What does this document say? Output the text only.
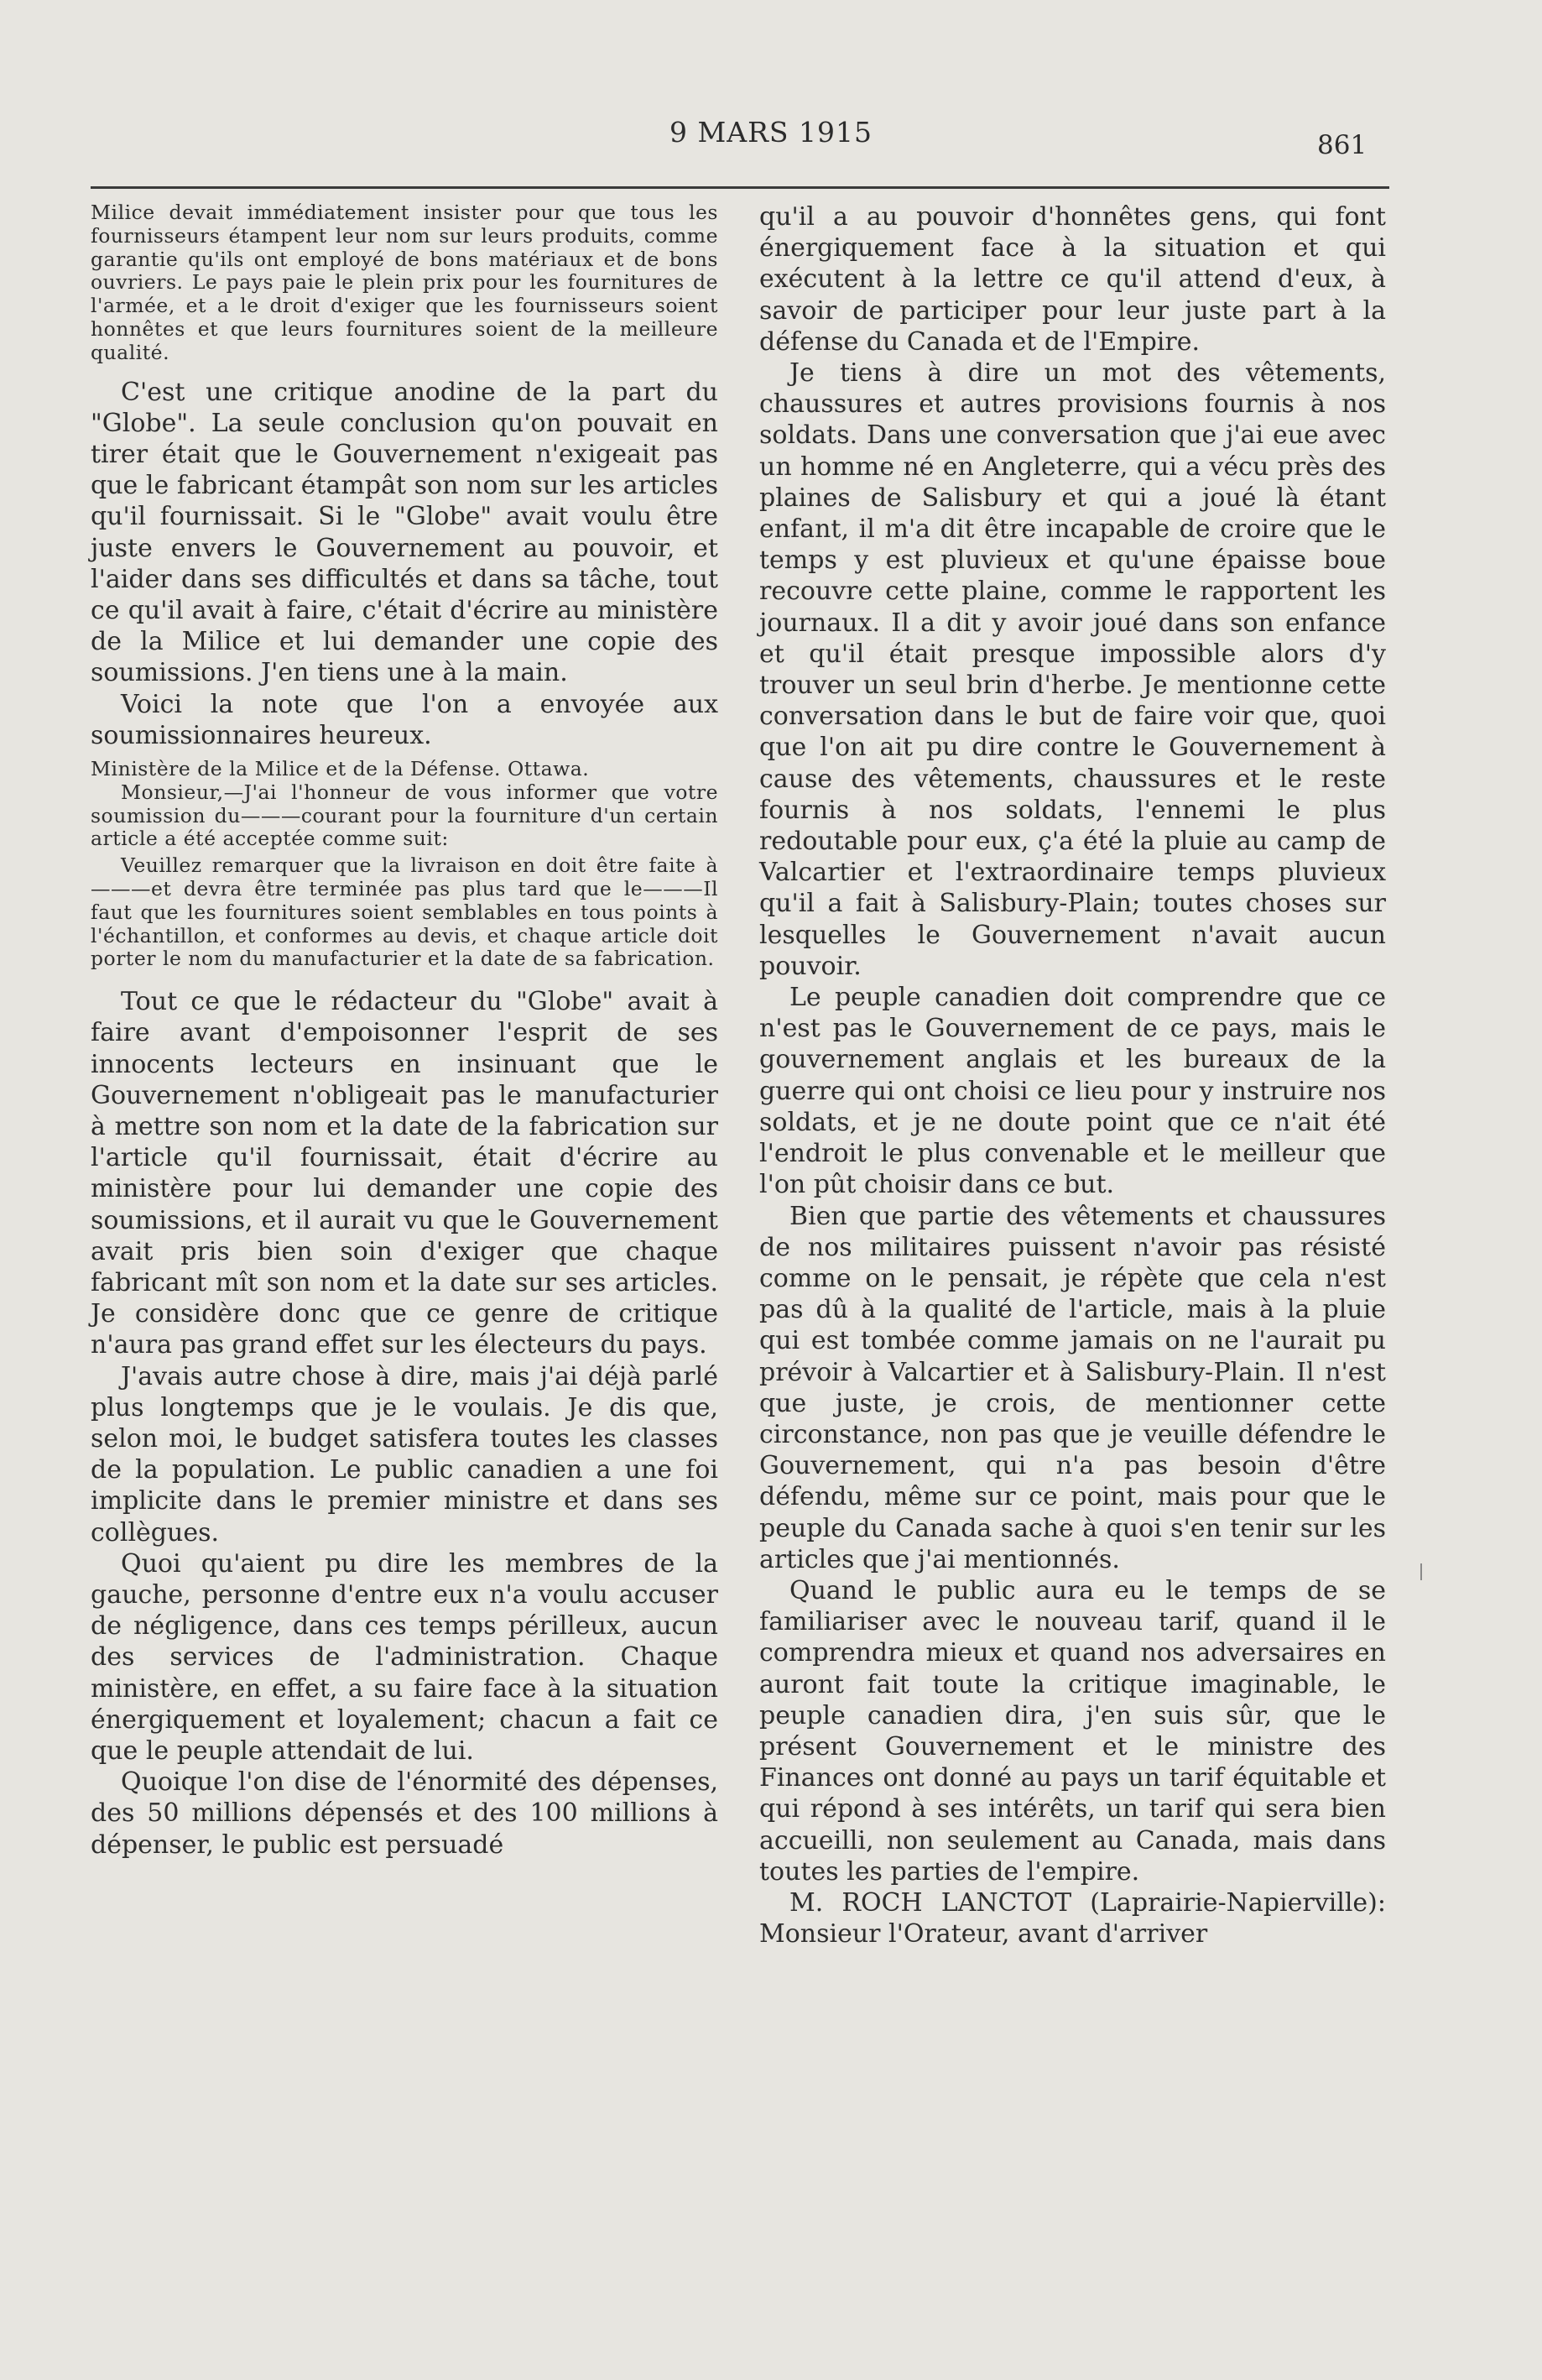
9 MARS 1915	861

Milice devait immédiatement insister pour que tous les fournisseurs étampent leur nom sur leurs produits, comme garantie qu'ils ont employé de bons matériaux et de bons ouvriers. Le pays paie le plein prix pour les fournitures de l'armée, et a le droit d'exiger que les fournisseurs soient honnêtes et que leurs fournitures soient de la meilleure qualité.

C'est une critique anodine de la part du "Globe". La seule conclusion qu'on pouvait en tirer était que le Gouvernement n'exigeait pas que le fabricant étampât son nom sur les articles qu'il fournissait. Si le "Globe" avait voulu être juste envers le Gouvernement au pouvoir, et l'aider dans ses difficultés et dans sa tâche, tout ce qu'il avait à faire, c'était d'écrire au ministère de la Milice et lui demander une copie des soumissions. J'en tiens une à la main.

Voici la note que l'on a envoyée aux soumissionnaires heureux.

Ministère de la Milice et de la Défense. Ottawa.

Monsieur,—J'ai l'honneur de vous informer que votre soumission du———courant pour la fourniture d'un certain article a été acceptée comme suit:

Veuillez remarquer que la livraison en doit être faite à———et devra être terminée pas plus tard que le———Il faut que les fournitures soient semblables en tous points à l'échantillon, et conformes au devis, et chaque article doit porter le nom du manufacturier et la date de sa fabrication.

Tout ce que le rédacteur du "Globe" avait à faire avant d'empoisonner l'esprit de ses innocents lecteurs en insinuant que le Gouvernement n'obligeait pas le manufacturier à mettre son nom et la date de la fabrication sur l'article qu'il fournissait, était d'écrire au ministère pour lui demander une copie des soumissions, et il aurait vu que le Gouvernement avait pris bien soin d'exiger que chaque fabricant mît son nom et la date sur ses articles. Je considère donc que ce genre de critique n'aura pas grand effet sur les électeurs du pays.

J'avais autre chose à dire, mais j'ai déjà parlé plus longtemps que je le voulais. Je dis que, selon moi, le budget satisfera toutes les classes de la population. Le public canadien a une foi implicite dans le premier ministre et dans ses collègues.

Quoi qu'aient pu dire les membres de la gauche, personne d'entre eux n'a voulu accuser de négligence, dans ces temps périlleux, aucun des services de l'administration. Chaque ministère, en effet, a su faire face à la situation énergiquement et loyalement; chacun a fait ce que le peuple attendait de lui.

Quoique l'on dise de l'énormité des dépenses, des 50 millions dépensés et des 100 millions à dépenser, le public est persuadé

qu'il a au pouvoir d'honnêtes gens, qui font énergiquement face à la situation et qui exécutent à la lettre ce qu'il attend d'eux, à savoir de participer pour leur juste part à la défense du Canada et de l'Empire.

Je tiens à dire un mot des vêtements, chaussures et autres provisions fournis à nos soldats. Dans une conversation que j'ai eue avec un homme né en Angleterre, qui a vécu près des plaines de Salisbury et qui a joué là étant enfant, il m'a dit être incapable de croire que le temps y est pluvieux et qu'une épaisse boue recouvre cette plaine, comme le rapportent les journaux. Il a dit y avoir joué dans son enfance et qu'il était presque impossible alors d'y trouver un seul brin d'herbe. Je mentionne cette conversation dans le but de faire voir que, quoi que l'on ait pu dire contre le Gouvernement à cause des vêtements, chaussures et le reste fournis à nos soldats, l'ennemi le plus redoutable pour eux, ç'a été la pluie au camp de Valcartier et l'extraordinaire temps pluvieux qu'il a fait à Salisbury-Plain; toutes choses sur lesquelles le Gouvernement n'avait aucun pouvoir.

Le peuple canadien doit comprendre que ce n'est pas le Gouvernement de ce pays, mais le gouvernement anglais et les bureaux de la guerre qui ont choisi ce lieu pour y instruire nos soldats, et je ne doute point que ce n'ait été l'endroit le plus convenable et le meilleur que l'on pût choisir dans ce but.

Bien que partie des vêtements et chaussures de nos militaires puissent n'avoir pas résisté comme on le pensait, je répète que cela n'est pas dû à la qualité de l'article, mais à la pluie qui est tombée comme jamais on ne l'aurait pu prévoir à Valcartier et à Salisbury-Plain. Il n'est que juste, je crois, de mentionner cette circonstance, non pas que je veuille défendre le Gouvernement, qui n'a pas besoin d'être défendu, même sur ce point, mais pour que le peuple du Canada sache à quoi s'en tenir sur les articles que j'ai mentionnés.

Quand le public aura eu le temps de se familiariser avec le nouveau tarif, quand il le comprendra mieux et quand nos adversaires en auront fait toute la critique imaginable, le peuple canadien dira, j'en suis sûr, que le présent Gouvernement et le ministre des Finances ont donné au pays un tarif équitable et qui répond à ses intérêts, un tarif qui sera bien accueilli, non seulement au Canada, mais dans toutes les parties de l'empire.

M. ROCH LANCTOT (Laprairie-Napierville): Monsieur l'Orateur, avant d'arriver
